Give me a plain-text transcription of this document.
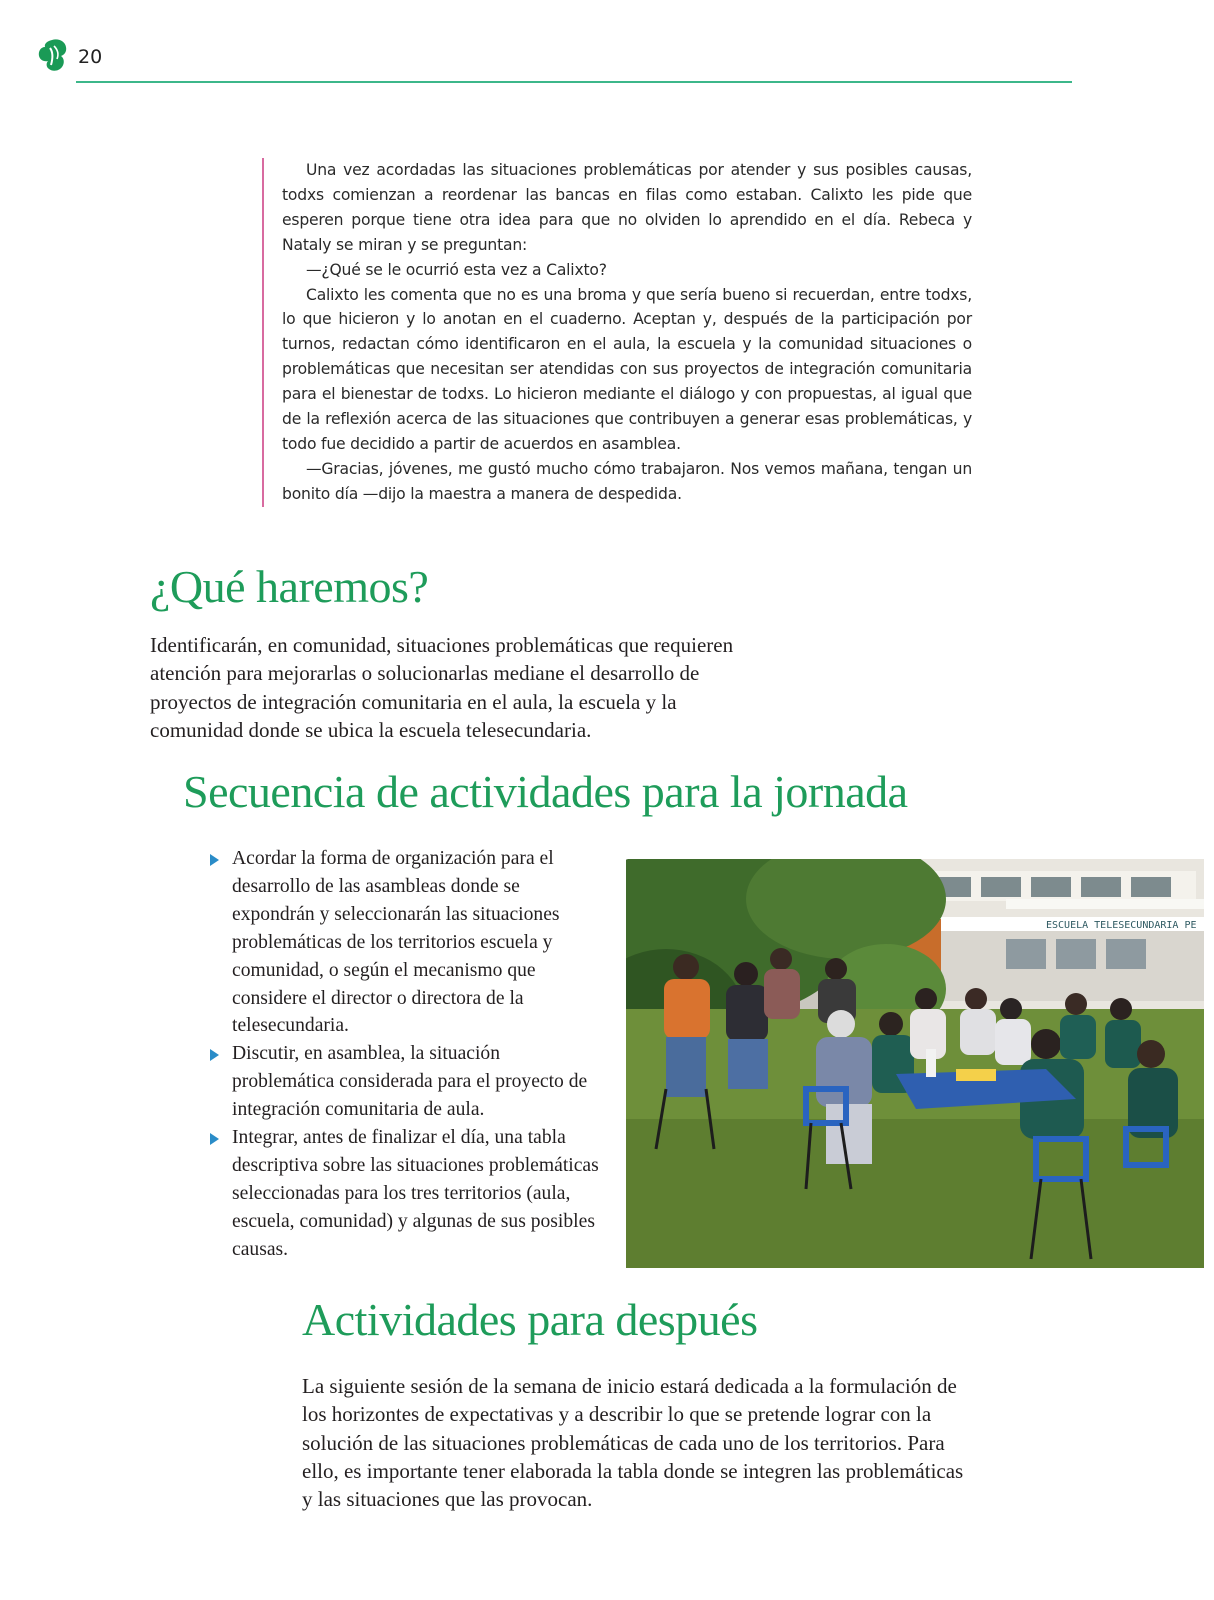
20

Una vez acordadas las situaciones problemáticas por atender y sus posibles causas, todxs comienzan a reordenar las bancas en filas como estaban. Calixto les pide que esperen porque tiene otra idea para que no olviden lo aprendido en el día. Rebeca y Nataly se miran y se preguntan:

—¿Qué se le ocurrió esta vez a Calixto?

Calixto les comenta que no es una broma y que sería bueno si recuerdan, entre todxs, lo que hicieron y lo anotan en el cuaderno. Aceptan y, después de la participación por turnos, redactan cómo identificaron en el aula, la escuela y la comunidad situaciones o problemáticas que necesitan ser atendidas con sus proyectos de integración comunitaria para el bienestar de todxs. Lo hicieron mediante el diálogo y con propuestas, al igual que de la reflexión acerca de las situaciones que contribuyen a generar esas problemáticas, y todo fue decidido a partir de acuerdos en asamblea.

—Gracias, jóvenes, me gustó mucho cómo trabajaron. Nos vemos mañana, tengan un bonito día —dijo la maestra a manera de despedida.

¿Qué haremos?
Identificarán, en comunidad, situaciones problemáticas que requieren atención para mejorarlas o solucionarlas mediane el desarrollo de proyectos de integración comunitaria en el aula, la escuela y la comunidad donde se ubica la escuela telesecundaria.
Secuencia de actividades para la jornada
Acordar la forma de organización para el desarrollo de las asambleas donde se expondrán y seleccionarán las situaciones problemáticas de los territorios escuela y comunidad, o según el mecanismo que considere el director o directora de la telesecundaria.
Discutir, en asamblea, la situación problemática considerada para el proyecto de integración comunitaria de aula.
Integrar, antes de finalizar el día, una tabla descriptiva sobre las situaciones problemáticas seleccionadas para los tres territorios (aula, escuela, comunidad) y algunas de sus posibles causas.
ESCUELA TELESECUNDARIA PE
Actividades para después
La siguiente sesión de la semana de inicio estará dedicada a la formulación de los horizontes de expectativas y a describir lo que se pretende lograr con la solución de las situaciones problemáticas de cada uno de los territorios. Para ello, es importante tener elaborada la tabla donde se integren las problemáticas y las situaciones que las provocan.
